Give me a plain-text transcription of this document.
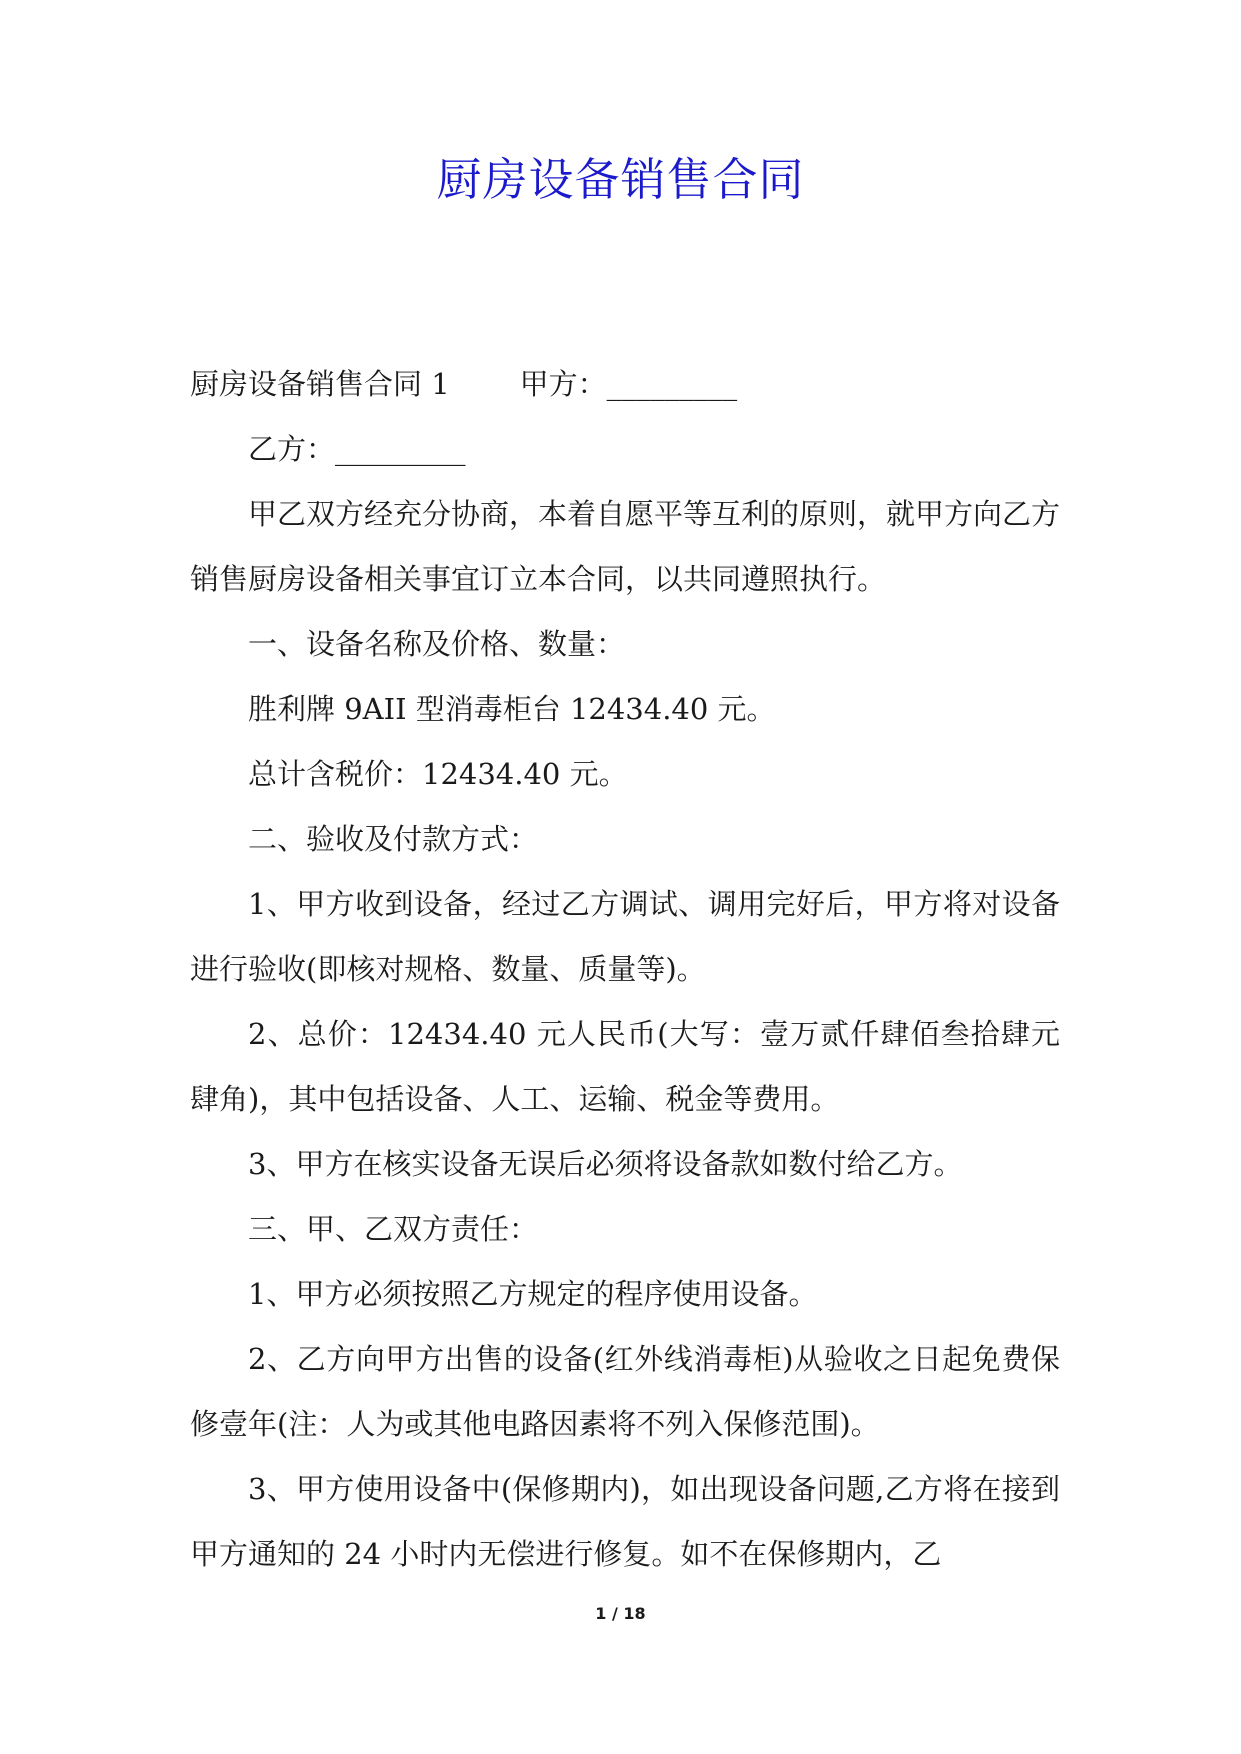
厨房设备销售合同

厨房设备销售合同 1 甲方：_________

乙方：_________

甲乙双方经充分协商，本着自愿平等互利的原则，就甲方向乙方销售厨房设备相关事宜订立本合同，以共同遵照执行。

一、设备名称及价格、数量：

胜利牌 9AII 型消毒柜台 12434.40 元。

总计含税价：12434.40 元。

二、验收及付款方式：

1、甲方收到设备，经过乙方调试、调用完好后，甲方将对设备进行验收(即核对规格、数量、质量等)。

2、总价：12434.40 元人民币(大写：壹万贰仟肆佰叁拾肆元肆角)，其中包括设备、人工、运输、税金等费用。

3、甲方在核实设备无误后必须将设备款如数付给乙方。

三、甲、乙双方责任：

1、甲方必须按照乙方规定的程序使用设备。

2、乙方向甲方出售的设备(红外线消毒柜)从验收之日起免费保修壹年(注：人为或其他电路因素将不列入保修范围)。

3、甲方使用设备中(保修期内)，如出现设备问题,乙方将在接到甲方通知的 24 小时内无偿进行修复。如不在保修期内，乙

1 / 18
